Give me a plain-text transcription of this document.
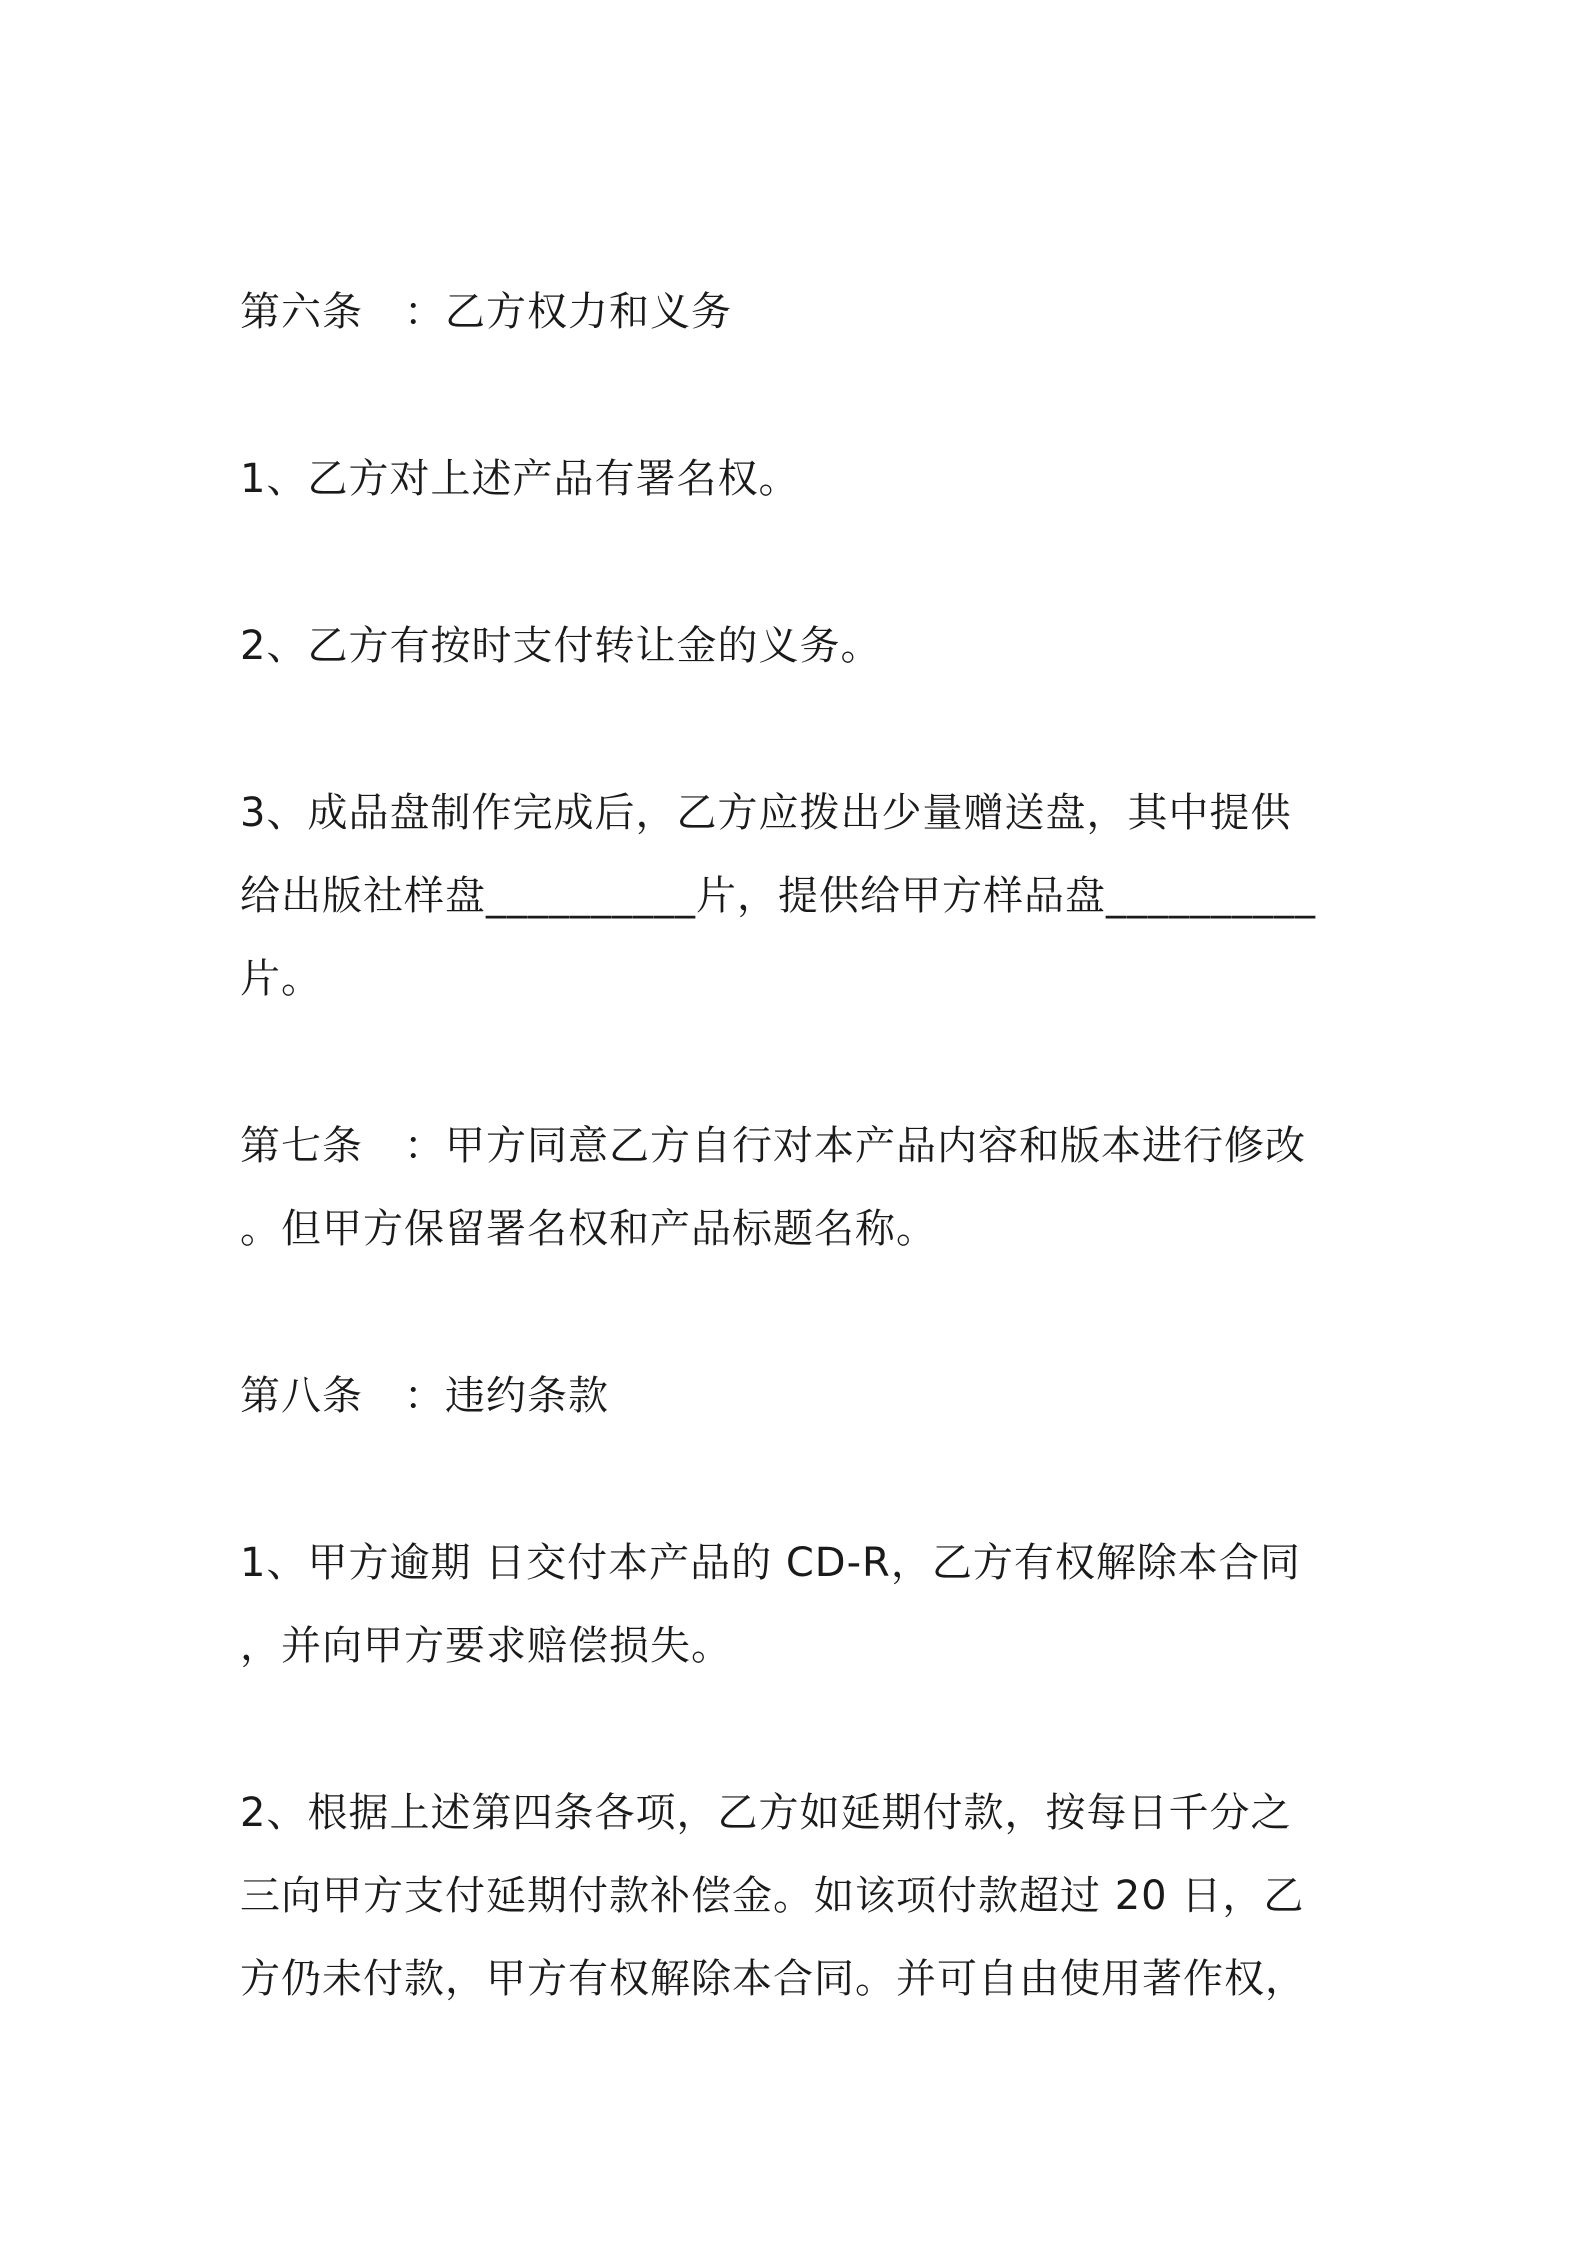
第六条　：乙方权力和义务
1、乙方对上述产品有署名权。
2、乙方有按时支付转让金的义务。
3、成品盘制作完成后，乙方应拨出少量赠送盘，其中提供
给出版社样盘__________片，提供给甲方样品盘__________
片。
第七条　：甲方同意乙方自行对本产品内容和版本进行修改
。但甲方保留署名权和产品标题名称。
第八条　：违约条款
1、甲方逾期 日交付本产品的 CD-R，乙方有权解除本合同
，并向甲方要求赔偿损失。
2、根据上述第四条各项，乙方如延期付款，按每日千分之
三向甲方支付延期付款补偿金。如该项付款超过 20 日，乙
方仍未付款，甲方有权解除本合同。并可自由使用著作权，
